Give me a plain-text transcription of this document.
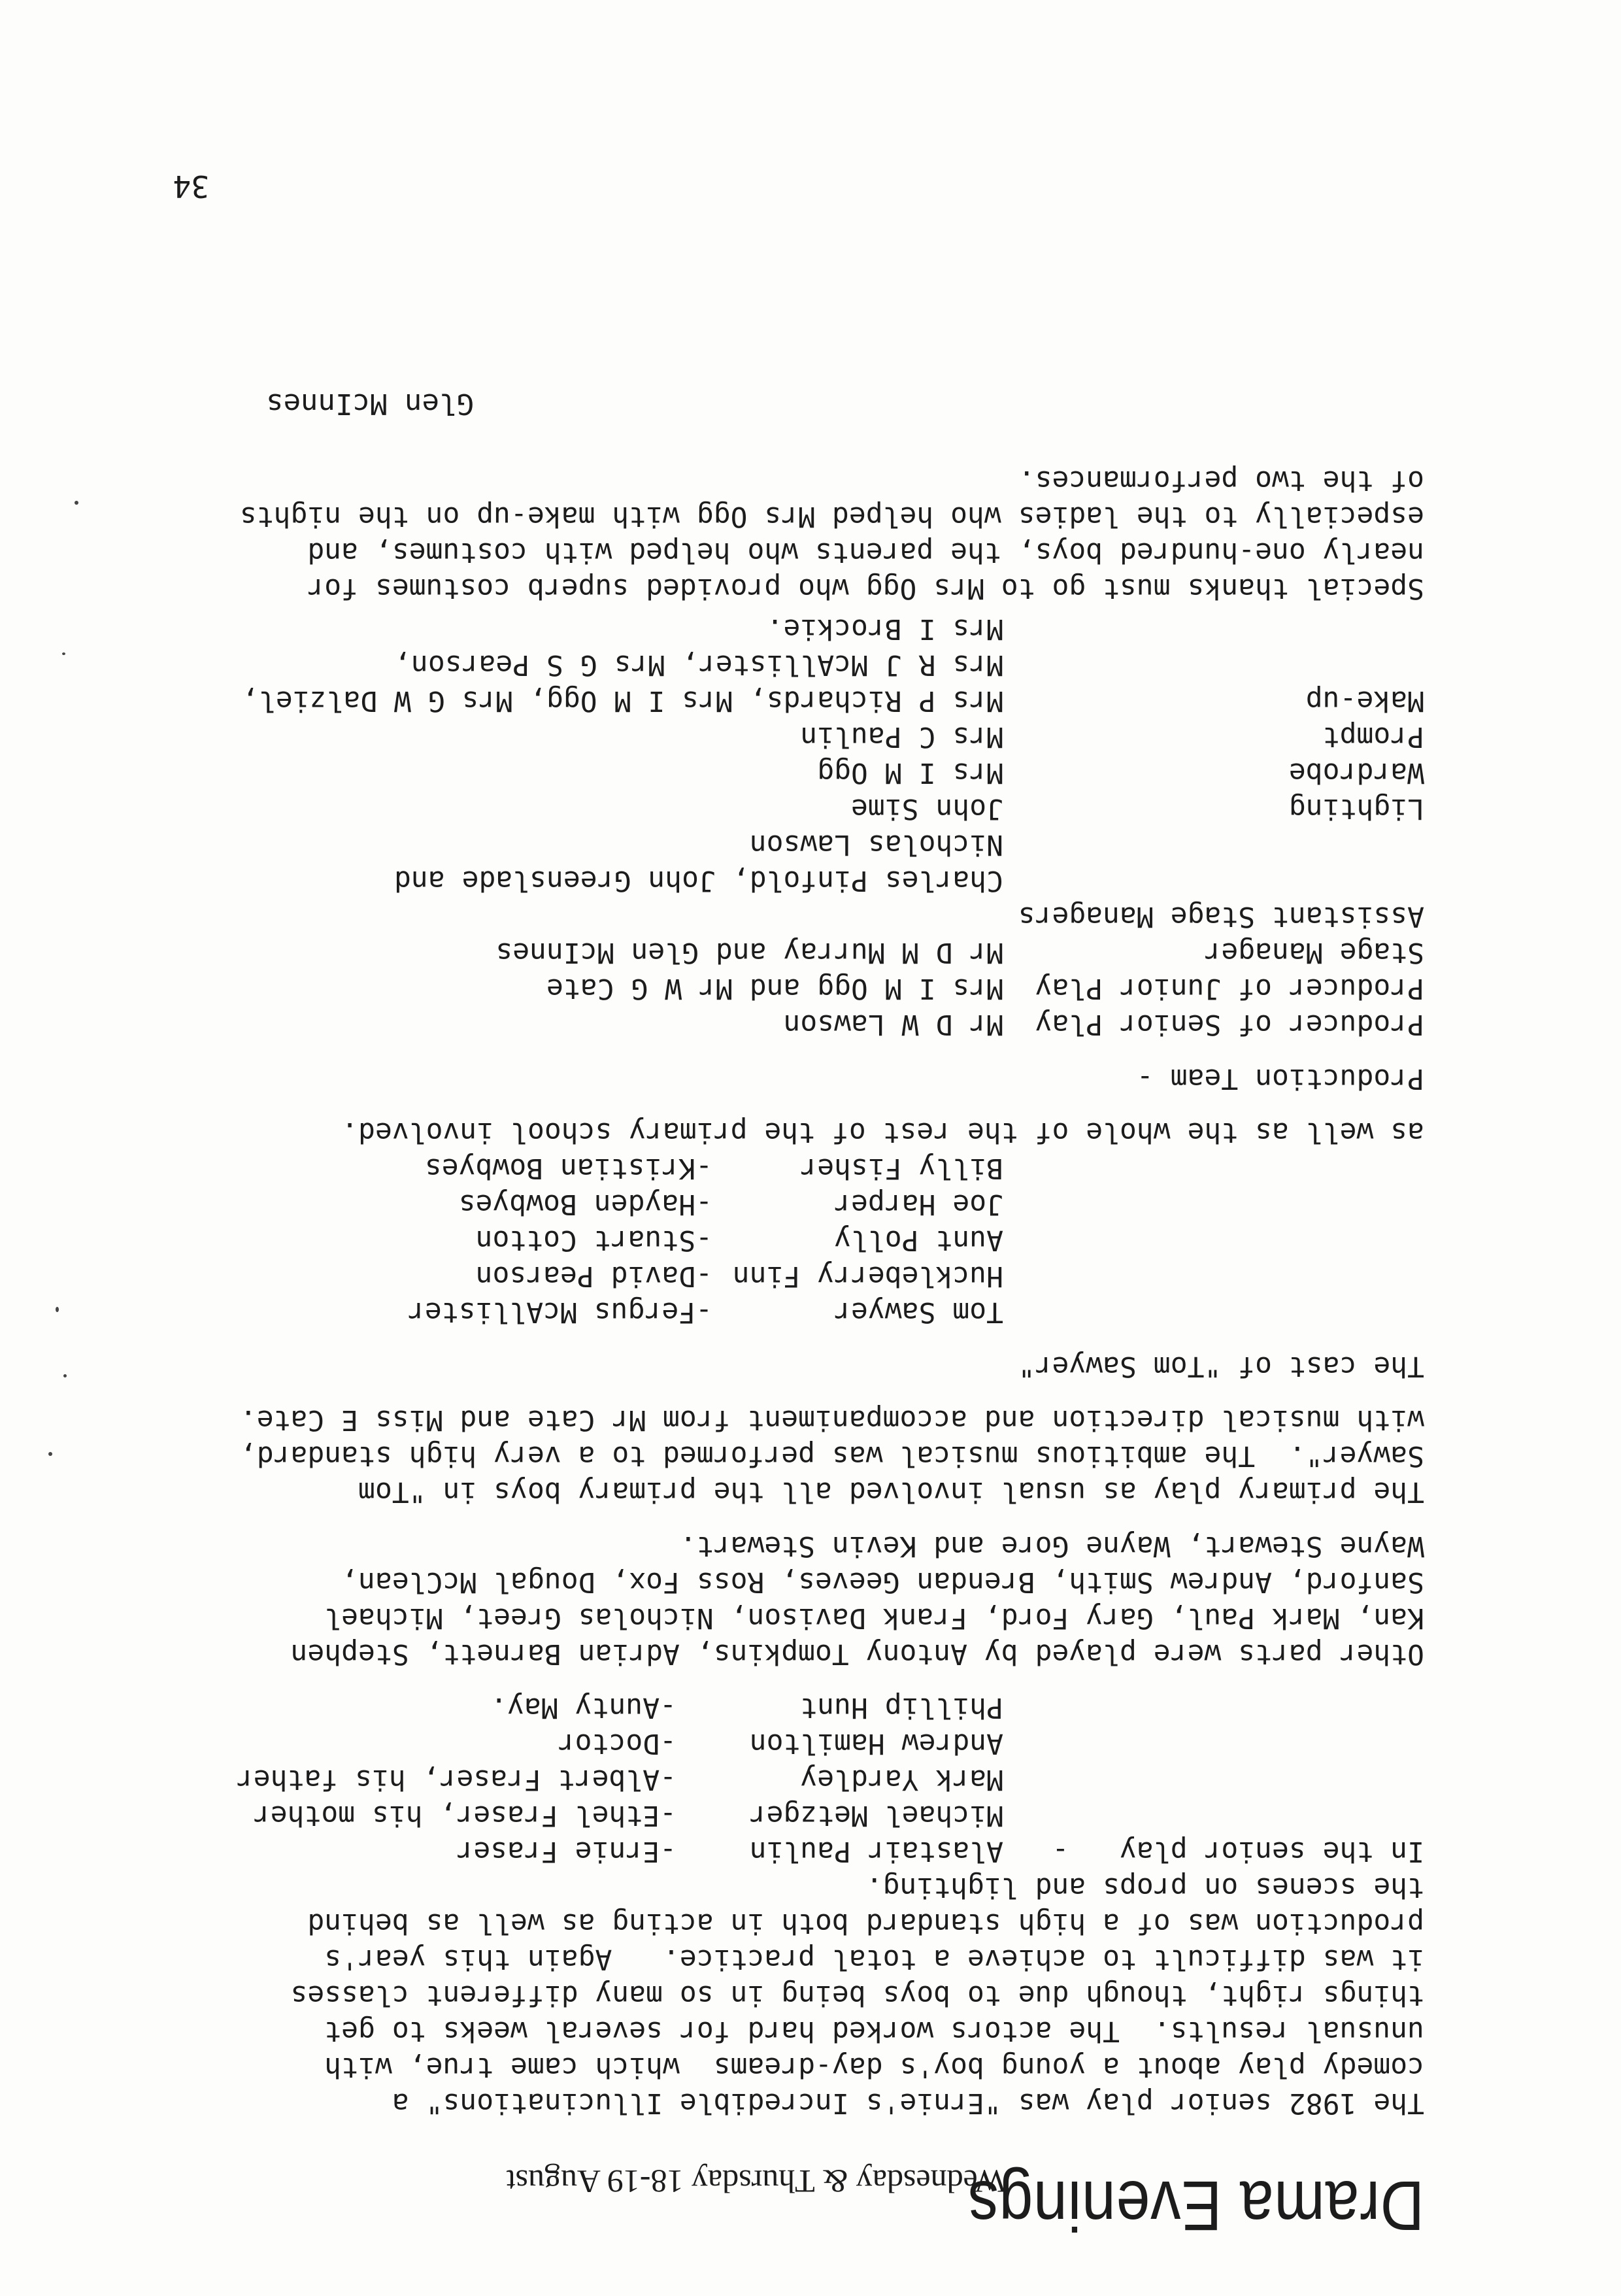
Drama Evenings
Wednesday & Thursday 18-19 August
The 1982 senior play was "Ernie's Incredible Illucinations" a
comedy play about a young boy's day-dreams  which came true, with
unusual results.  The actors worked hard for several weeks to get
things right, though due to boys being in so many different classes
it was difficult to achieve a total practice.   Again this year's
production was of a high standard both in acting as well as behind
the scenes on props and lighting.
In the senior play   -
Alastair Paulin
-Ernie Fraser
Michael Metzger
-Ethel Fraser, his mother
Mark Yardley
-Albert Fraser, his father
Andrew Hamilton
-Doctor
Phillip Hunt
-Aunty May.
Other parts were played by Antony Tompkins, Adrian Barnett, Stephen
Kan, Mark Paul, Gary Ford, Frank Davison, Nicholas Greet, Michael
Sanford, Andrew Smith, Brendan Geeves, Ross Fox, Dougal McClean,
Wayne Stewart, Wayne Gore and Kevin Stewart.
The primary play as usual involved all the primary boys in "Tom
Sawyer".  The ambitious musical was performed to a very high standard,
with musical direction and accompaniment from Mr Cate and Miss E Cate.
The cast of "Tom Sawyer"
Tom Sawyer
-Fergus McAllister
Huckleberry Finn
-David Pearson
Aunt Polly
-Stuart Cotton
Joe Harper
-Hayden Bowbyes
Billy Fisher
-Kristian Bowbyes
as well as the whole of the rest of the primary school involved.
Production Team -
Producer of Senior Play
Mr D W Lawson
Producer of Junior Play
Mrs I M Ogg and Mr W G Cate
Stage Manager
Mr D M Murray and Glen McInnes
Assistant Stage Managers
Charles Pinfold, John Greenslade and
Nicholas Lawson
Lighting
John Sime
Wardrobe
Mrs I M Ogg
Prompt
Mrs C Paulin
Make-up
Mrs P Richards, Mrs I M Ogg, Mrs G W Dalziel,
Mrs R J McAllister, Mrs G S Pearson,
Mrs I Brockie.
Special thanks must go to Mrs Ogg who provided superb costumes for
nearly one-hundred boys, the parents who helped with costumes, and
especially to the ladies who helped Mrs Ogg with make-up on the nights
of the two performances.
Glen McInnes
34
